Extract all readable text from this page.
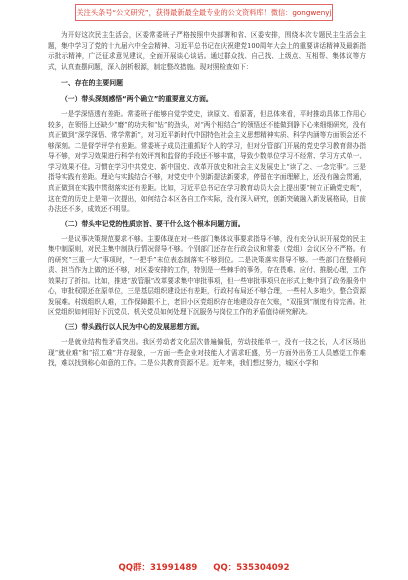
关注头条号“公文研究”，获得最新最全最专业的公文资料库！微信：gongwenyj

为开好这次民主生活会，区委常委班子严格按照中央部署和省、区委安排，围绕本次专题民主生活会主题，集中学习了党的十九届六中全会精神、习近平总书记在庆祝建党100周年大会上的重要讲话精神及最新指示批示精神，广泛征求意见建议，全面开展谈心谈话。通过群众找、自己找、上级点、互相帮、集体议等方式，认真查摆问题，深入剖析根源，制定整改措施。现对照检查如下：

一、存在的主要问题
（一）带头深刻感悟“两个确立”的重要意义方面。

一是学深悟透有差距。常委班子能够自觉学党史，读原文、看原著，但总体来看，平时推动具体工作用心较多，在领悟上还缺少“磨”的功夫和“钻”的劲头，对“两个相结合”的领悟还不能做到静下心来细细研究，没有真正做到“深学深悟、常学常新”，对习近平新时代中国特色社会主义思想精神实质、科学内涵等方面领会还不够深刻。二是督学评学有差距。常委班子成员注重抓好个人的学习，但对分管部门开展的党史学习教育督办指导不够，对学习效果进行科学有效评判和监督的手段还不够丰富，导致少数单位学习不经常、学习方式单一、学习效果不佳。习惯在学习中共党史、新中国史、改革开放史和社会主义发展史上“读了之、一念完事”。三是指导实践有差距。理论与实践结合不够，对党史中个别新提法新要求，停留在字面理解上，还没有融会贯通，真正做到在实践中贯彻落实还有差距。比如，习近平总书记在学习教育动员大会上提出要“树立正确党史观”，这在党的历史上是第一次提出，如何结合本区各自工作实际，没有深入研究，创新突破融入新发展格局，目前办法还不多，成效还不明显。

（二）带头牢记党的性质宗旨、要干什么这个根本问题方面。

一是议事决策规范要求不够。主要体现在对一些部门集体议事要求指导不够，没有充分认识开展党的民主集中制原则，对民主集中制执行情况督导不够。个别部门还存在行政会议和常委（党组）会议区分不严格。有的研究“三重一大”事项时，“一把手”末位表态制落实不够到位。二是决策落实督导不够。一些部门在整顿问责、担当作为上做的还不够，对区委安排的工作，特别是一些棘手的事务，存在畏难、应付、推脱心理，工作效果打了折扣。比如，推进“放管服”改革要求集中审批事项，但一些审批事项只在形式上集中到了政务服务中心，审批权限还在原单位，三是基层组织建设还有差距，行政村布局还不够合理，一些村人多地少，整合资源发展难。村级组织人难，工作保障跟不上，老旧小区党组织存在地建设存在欠账，“双报到”制度有待完善。社区党组织如何用好下沉党员、机关党员如何处理下沉服务与岗位工作的矛盾值待研究解决。

（三）带头践行以人民为中心的发展思想方面。

一是就业结构性矛盾突出。我区劳动者文化层次普遍偏低，劳动技能单一，没有一技之长，人才区场出现“就业难”和“招工难”并存现象，一方面一些企业对技能人才需求旺盛，另一方面外出务工人员感觉工作难找，难以找到称心如意的工作。二是公共教育资源不足。近年来，我们想过努力，城区小学和

QQ群：31991489 QQ：535304092
